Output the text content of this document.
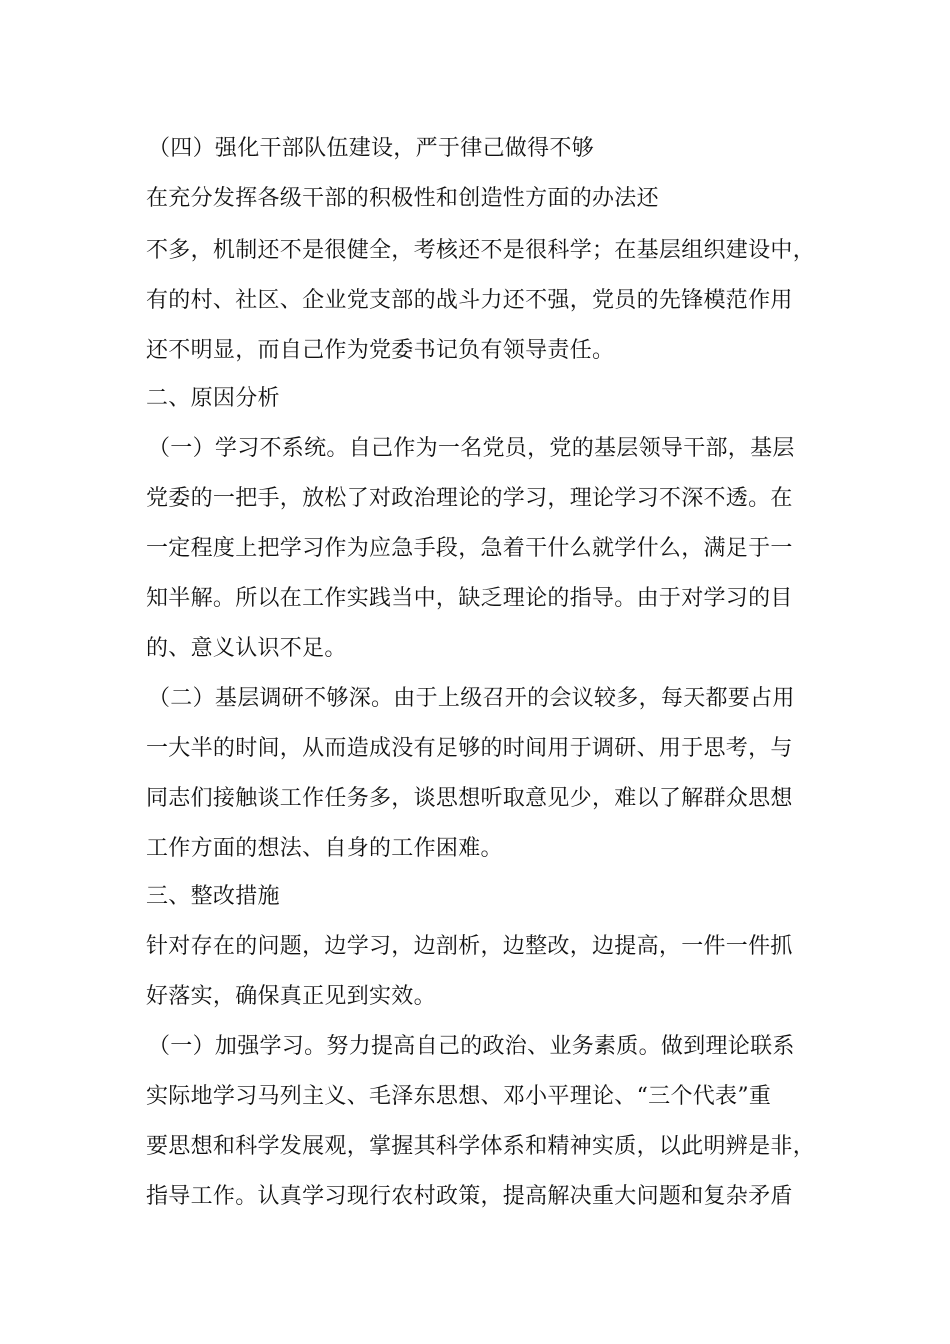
（四）强化干部队伍建设，严于律己做得不够
在充分发挥各级干部的积极性和创造性方面的办法还
不多，机制还不是很健全，考核还不是很科学；在基层组织建设中，
有的村、社区、企业党支部的战斗力还不强，党员的先锋模范作用
还不明显，而自己作为党委书记负有领导责任。
二、原因分析
（一）学习不系统。自己作为一名党员，党的基层领导干部，基层
党委的一把手，放松了对政治理论的学习，理论学习不深不透。在
一定程度上把学习作为应急手段，急着干什么就学什么，满足于一
知半解。所以在工作实践当中，缺乏理论的指导。由于对学习的目
的、意义认识不足。
（二）基层调研不够深。由于上级召开的会议较多，每天都要占用
一大半的时间，从而造成没有足够的时间用于调研、用于思考，与
同志们接触谈工作任务多，谈思想听取意见少，难以了解群众思想
工作方面的想法、自身的工作困难。
三、整改措施
针对存在的问题，边学习，边剖析，边整改，边提高，一件一件抓
好落实，确保真正见到实效。
（一）加强学习。努力提高自己的政治、业务素质。做到理论联系
实际地学习马列主义、毛泽东思想、邓小平理论、“三个代表”重
要思想和科学发展观，掌握其科学体系和精神实质，以此明辨是非，
指导工作。认真学习现行农村政策，提高解决重大问题和复杂矛盾
